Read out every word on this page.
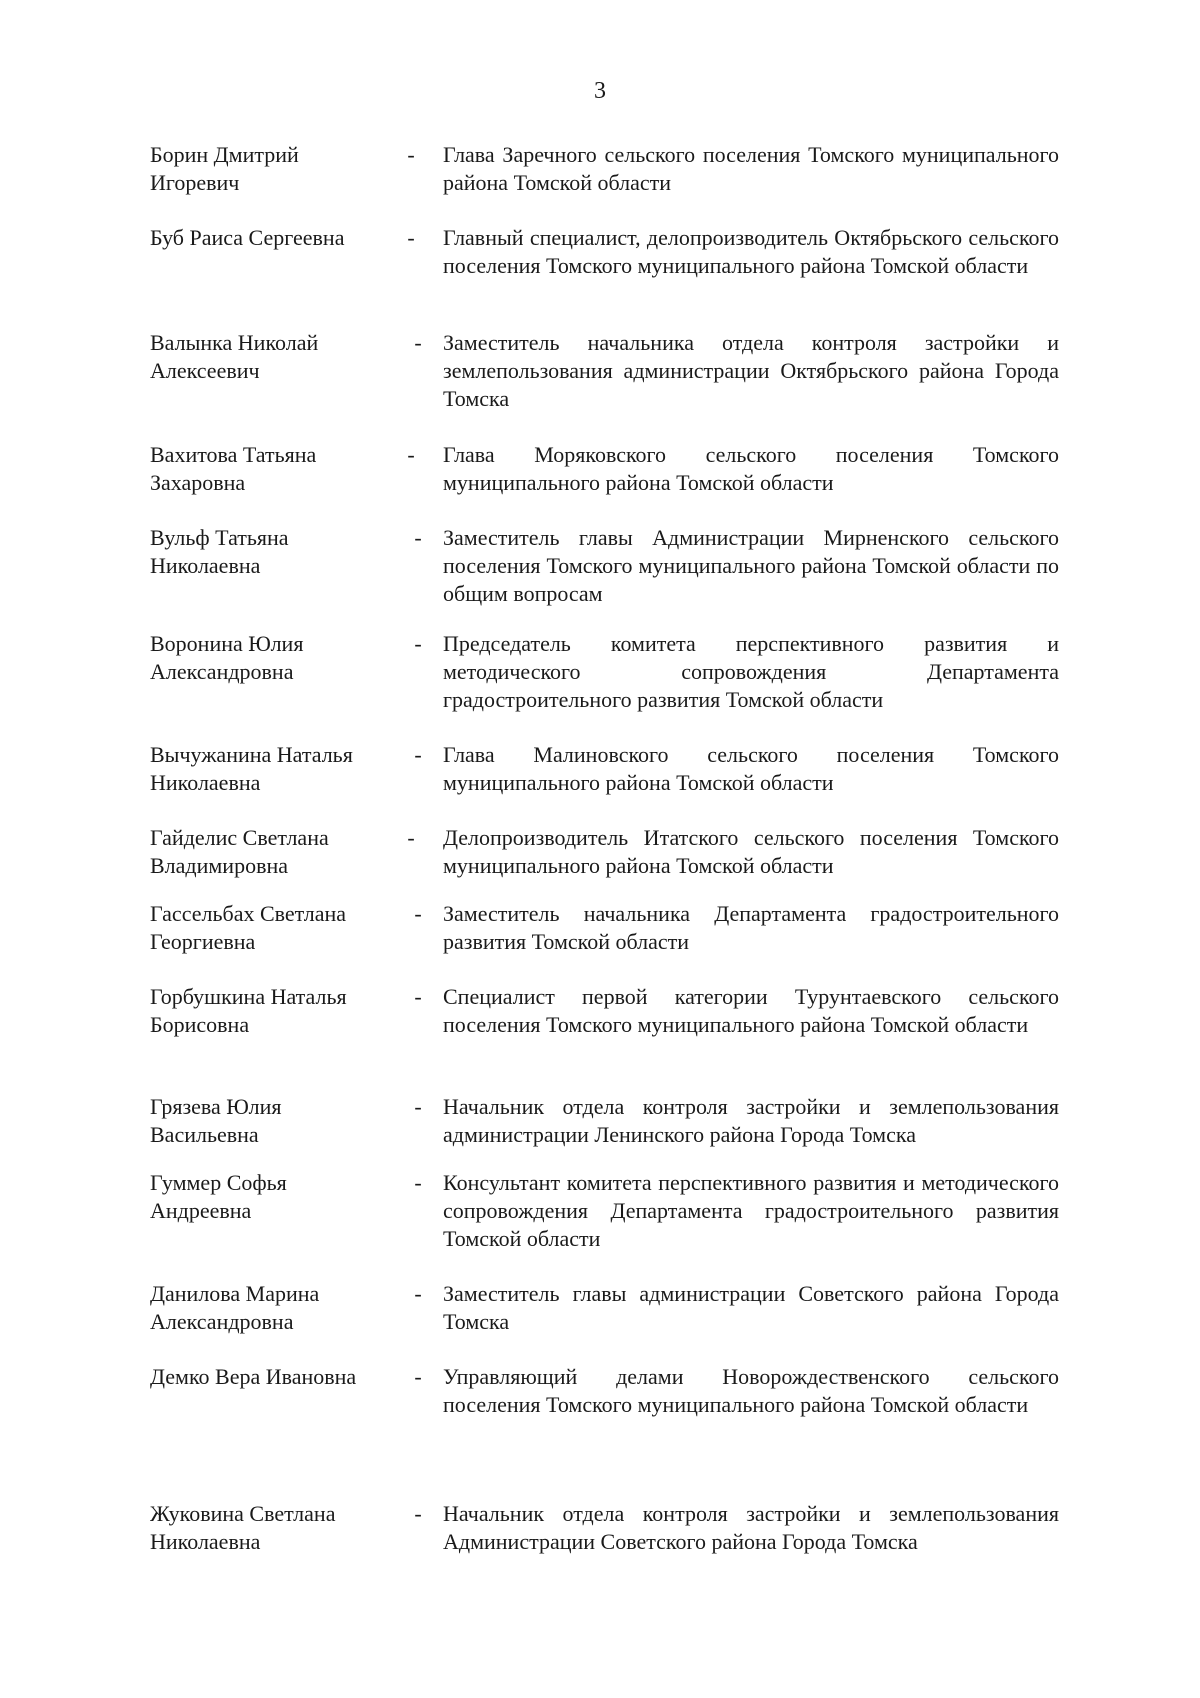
3
Борин Дмитрий
Игоревич
- Глава Заречного сельского поселения Томского муниципального района Томской области
Буб Раиса Сергеевна	- Главный специалист, делопроизводитель Октябрьского сельского поселения Томского муниципального района Томской области
Валынка Николай
Алексеевич
- Заместитель начальника отдела контроля застройки и землепользования администрации Октябрьского района Города Томска
Вахитова Татьяна
Захаровна
- Глава Моряковского сельского поселения Томского муниципального района Томской области
Вульф Татьяна
Николаевна
- Заместитель главы Администрации Мирненского сельского поселения Томского муниципального района Томской области по общим вопросам
Воронина Юлия
Александровна
- Председатель комитета перспективного развития и методического сопровождения Департамента градостроительного развития Томской области
Вычужанина Наталья
Николаевна
- Глава Малиновского сельского поселения Томского муниципального района Томской области
Гайделис Светлана
Владимировна
- Делопроизводитель Итатского сельского поселения Томского муниципального района Томской области
Гассельбах Светлана
Георгиевна
- Заместитель начальника Департамента градостроительного развития Томской области
Горбушкина Наталья
Борисовна
- Специалист первой категории Турунтаевского сельского поселения Томского муниципального района Томской области
Грязева Юлия
Васильевна
- Начальник отдела контроля застройки и землепользования администрации Ленинского района Города Томска
Гуммер Софья
Андреевна
- Консультант комитета перспективного развития и методического сопровождения Департамента градостроительного развития Томской области
Данилова Марина
Александровна
- Заместитель главы администрации Советского района Города Томска
Демко Вера Ивановна	- Управляющий делами Новорождественского сельского поселения Томского муниципального района Томской области
Жуковина Светлана
Николаевна
- Начальник отдела контроля застройки и землепользования Администрации Советского района Города Томска
